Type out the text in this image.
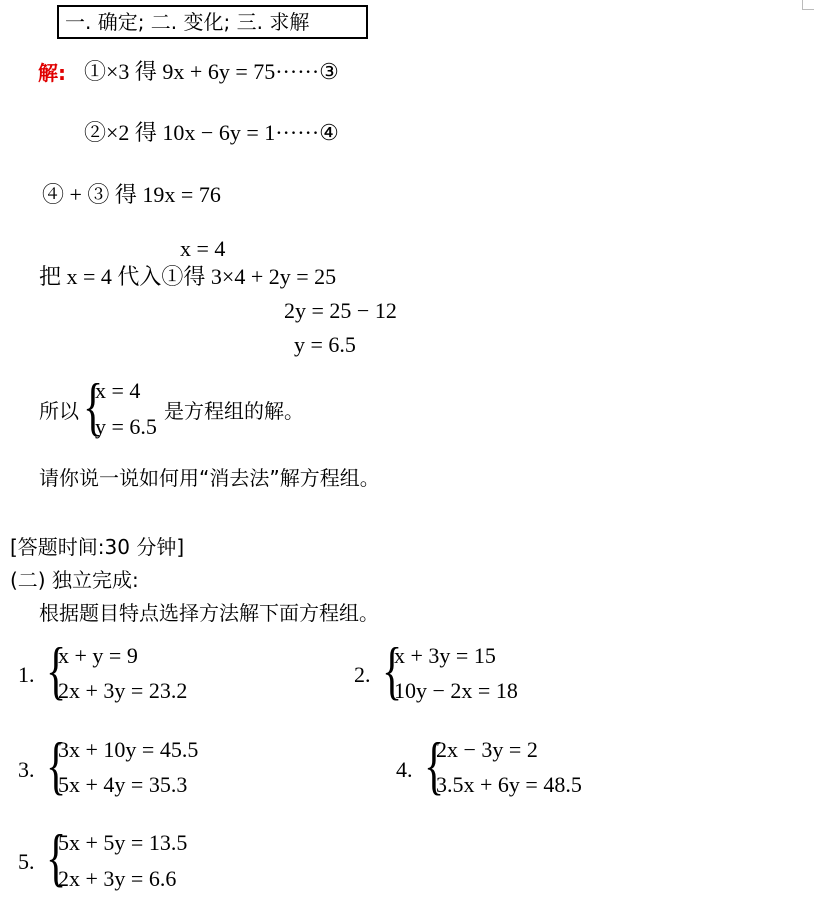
一. 确定; 二. 变化; 三. 求解
解: ①×3 得 9x + 6y = 75······③
②×2 得 10x − 6y = 1······④
④ + ③ 得 19x = 76
x = 4
把 x = 4 代入①得 3×4 + 2y = 25
2y = 25 − 12
y = 6.5
所以 {
x = 4
y = 6.5
是方程组的解。
请你说一说如何用“消去法”解方程组。
[答题时间:30 分钟]
(二) 独立完成:
根据题目特点选择方法解下面方程组。
1. {
x + y = 9
2x + 3y = 23.2
2. {
x + 3y = 15
10y − 2x = 18
3. {
3x + 10y = 45.5
5x + 4y = 35.3
4. {
2x − 3y = 2
3.5x + 6y = 48.5
5. {
5x + 5y = 13.5
2x + 3y = 6.6
